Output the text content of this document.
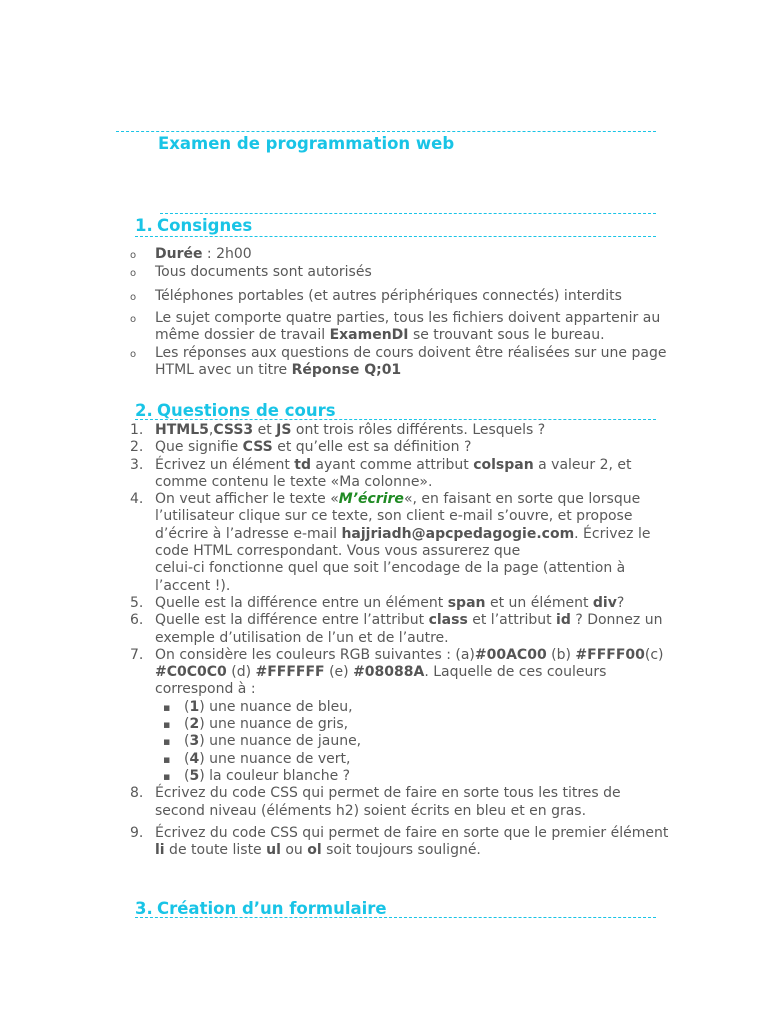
Examen de programmation web
1. Consignes
o Durée : 2h00
o Tous documents sont autorisés
o Téléphones portables (et autres périphériques connectés) interdits
o Le sujet comporte quatre parties, tous les fichiers doivent appartenir au même dossier de travail ExamenDI se trouvant sous le bureau.
o Les réponses aux questions de cours doivent être réalisées sur une page HTML avec un titre Réponse Q;01
2. Questions de cours
1. HTML5,CSS3 et JS ont trois rôles différents. Lesquels ?
2. Que signifie CSS et qu’elle est sa définition ?
3. Écrivez un élément td ayant comme attribut colspan a valeur 2, et comme contenu le texte «Ma colonne».
4. On veut afficher le texte «M’écrire«, en faisant en sorte que lorsque l’utilisateur clique sur ce texte, son client e-mail s’ouvre, et propose d’écrire à l’adresse e-mail hajjriadh@apcpedagogie.com. Écrivez le code HTML correspondant. Vous vous assurerez que
celui-ci fonctionne quel que soit l’encodage de la page (attention à l’accent !).
5. Quelle est la différence entre un élément span et un élément div?
6. Quelle est la différence entre l’attribut class et l’attribut id ? Donnez un exemple d’utilisation de l’un et de l’autre.
7. On considère les couleurs RGB suivantes : (a)#00AC00 (b) #FFFF00(c) #C0C0C0 (d) #FFFFFF (e) #08088A. Laquelle de ces couleurs correspond à :
▪ (1) une nuance de bleu,
▪ (2) une nuance de gris,
▪ (3) une nuance de jaune,
▪ (4) une nuance de vert,
▪ (5) la couleur blanche ?
8. Écrivez du code CSS qui permet de faire en sorte tous les titres de second niveau (éléments h2) soient écrits en bleu et en gras.
9. Écrivez du code CSS qui permet de faire en sorte que le premier élément li de toute liste ul ou ol soit toujours souligné.
3. Création d’un formulaire
